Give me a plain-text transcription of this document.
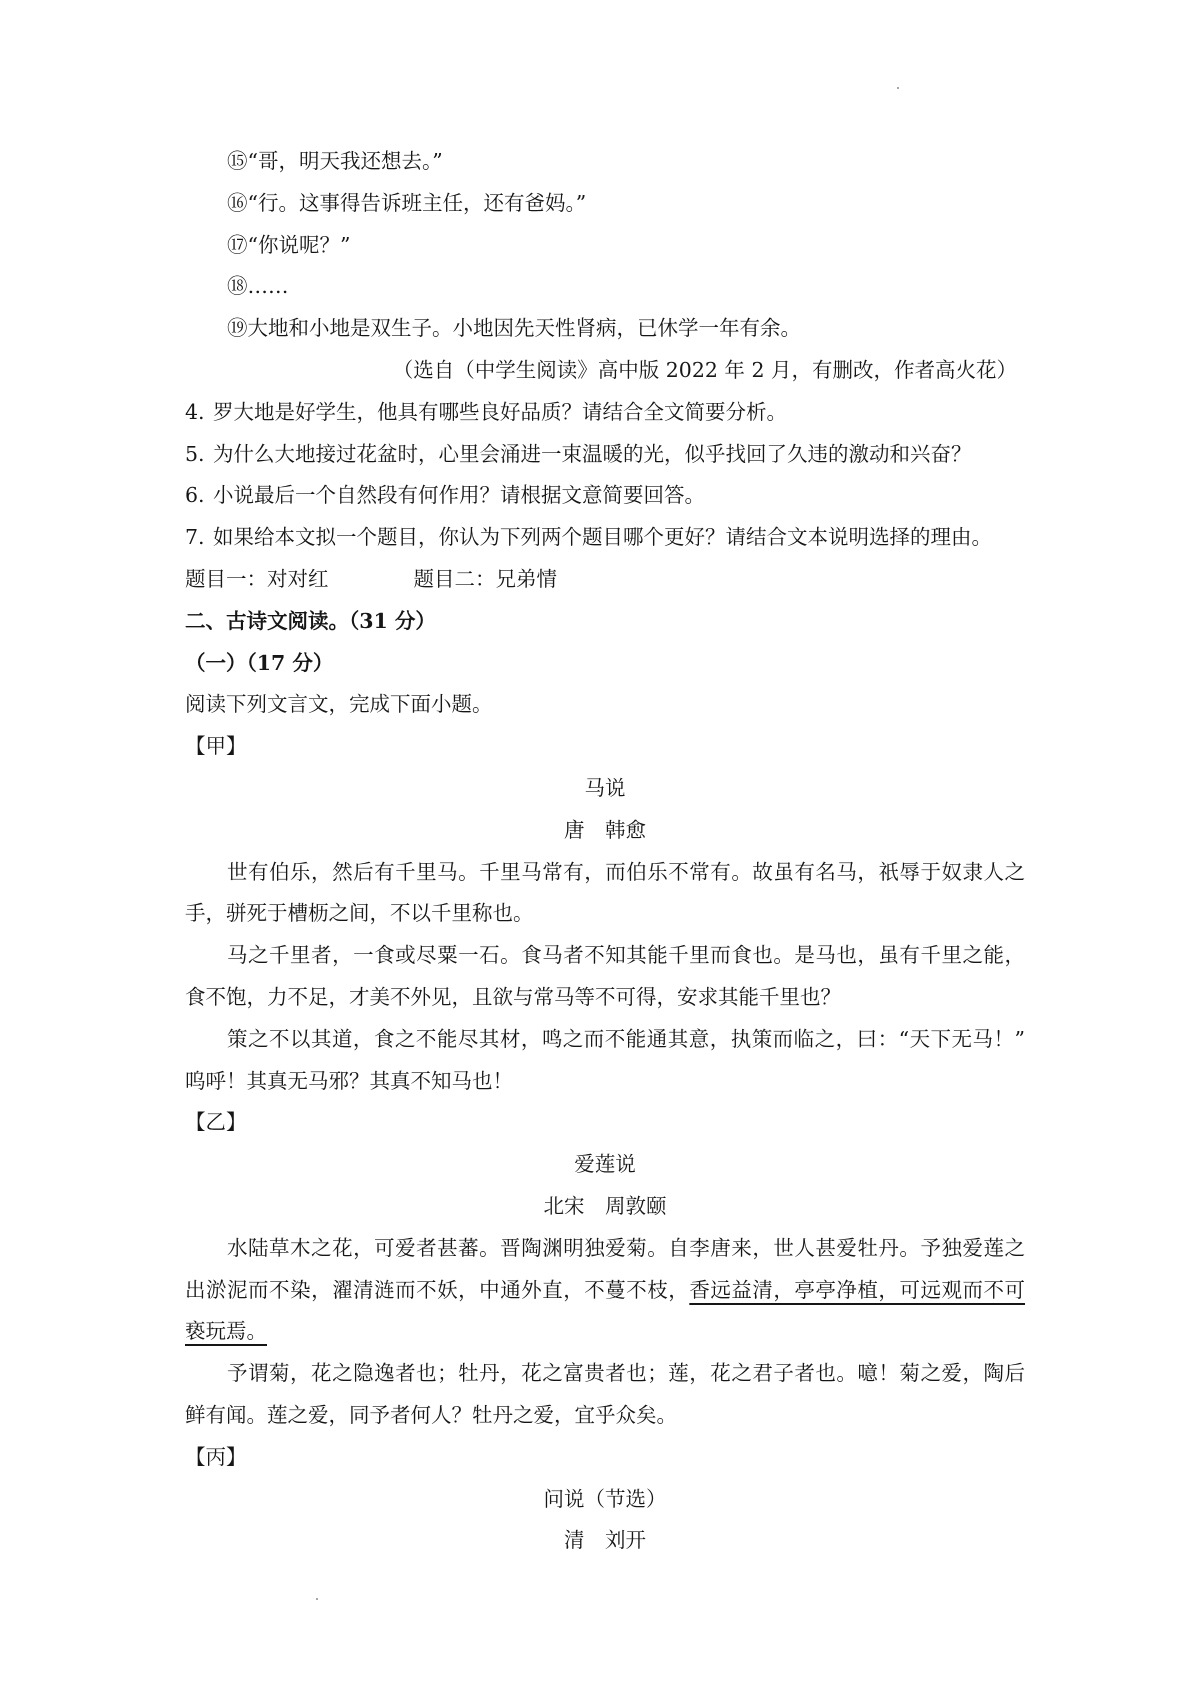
⑮“哥，明天我还想去。”
⑯“行。这事得告诉班主任，还有爸妈。”
⑰“你说呢？”
⑱……
⑲大地和小地是双生子。小地因先天性肾病，已休学一年有余。
（选自（中学生阅读》高中版 2022 年 2 月，有删改，作者高火花）
4. 罗大地是好学生，他具有哪些良好品质？请结合全文简要分析。
5. 为什么大地接过花盆时，心里会涌进一束温暖的光，似乎找回了久违的激动和兴奋？
6. 小说最后一个自然段有何作用？请根据文意简要回答。
7. 如果给本文拟一个题目，你认为下列两个题目哪个更好？请结合文本说明选择的理由。
题目一：对对红	题目二：兄弟情
二、古诗文阅读。（31 分）
（一）（17 分）
阅读下列文言文，完成下面小题。
【甲】
马说
唐　韩愈
世有伯乐，然后有千里马。千里马常有，而伯乐不常有。故虽有名马，祇辱于奴隶人之
手，骈死于槽枥之间，不以千里称也。
马之千里者，一食或尽粟一石。食马者不知其能千里而食也。是马也，虽有千里之能，
食不饱，力不足，才美不外见，且欲与常马等不可得，安求其能千里也？
策之不以其道，食之不能尽其材，鸣之而不能通其意，执策而临之，曰：“天下无马！”
呜呼！其真无马邪？其真不知马也！
【乙】
爱莲说
北宋　周敦颐
水陆草木之花，可爱者甚蕃。晋陶渊明独爱菊。自李唐来，世人甚爱牡丹。予独爱莲之
出淤泥而不染，濯清涟而不妖，中通外直，不蔓不枝，香远益清，亭亭净植，可远观而不可
亵玩焉。
予谓菊，花之隐逸者也；牡丹，花之富贵者也；莲，花之君子者也。噫！菊之爱，陶后
鲜有闻。莲之爱，同予者何人？牡丹之爱，宜乎众矣。
【丙】
问说（节选）
清　刘开
